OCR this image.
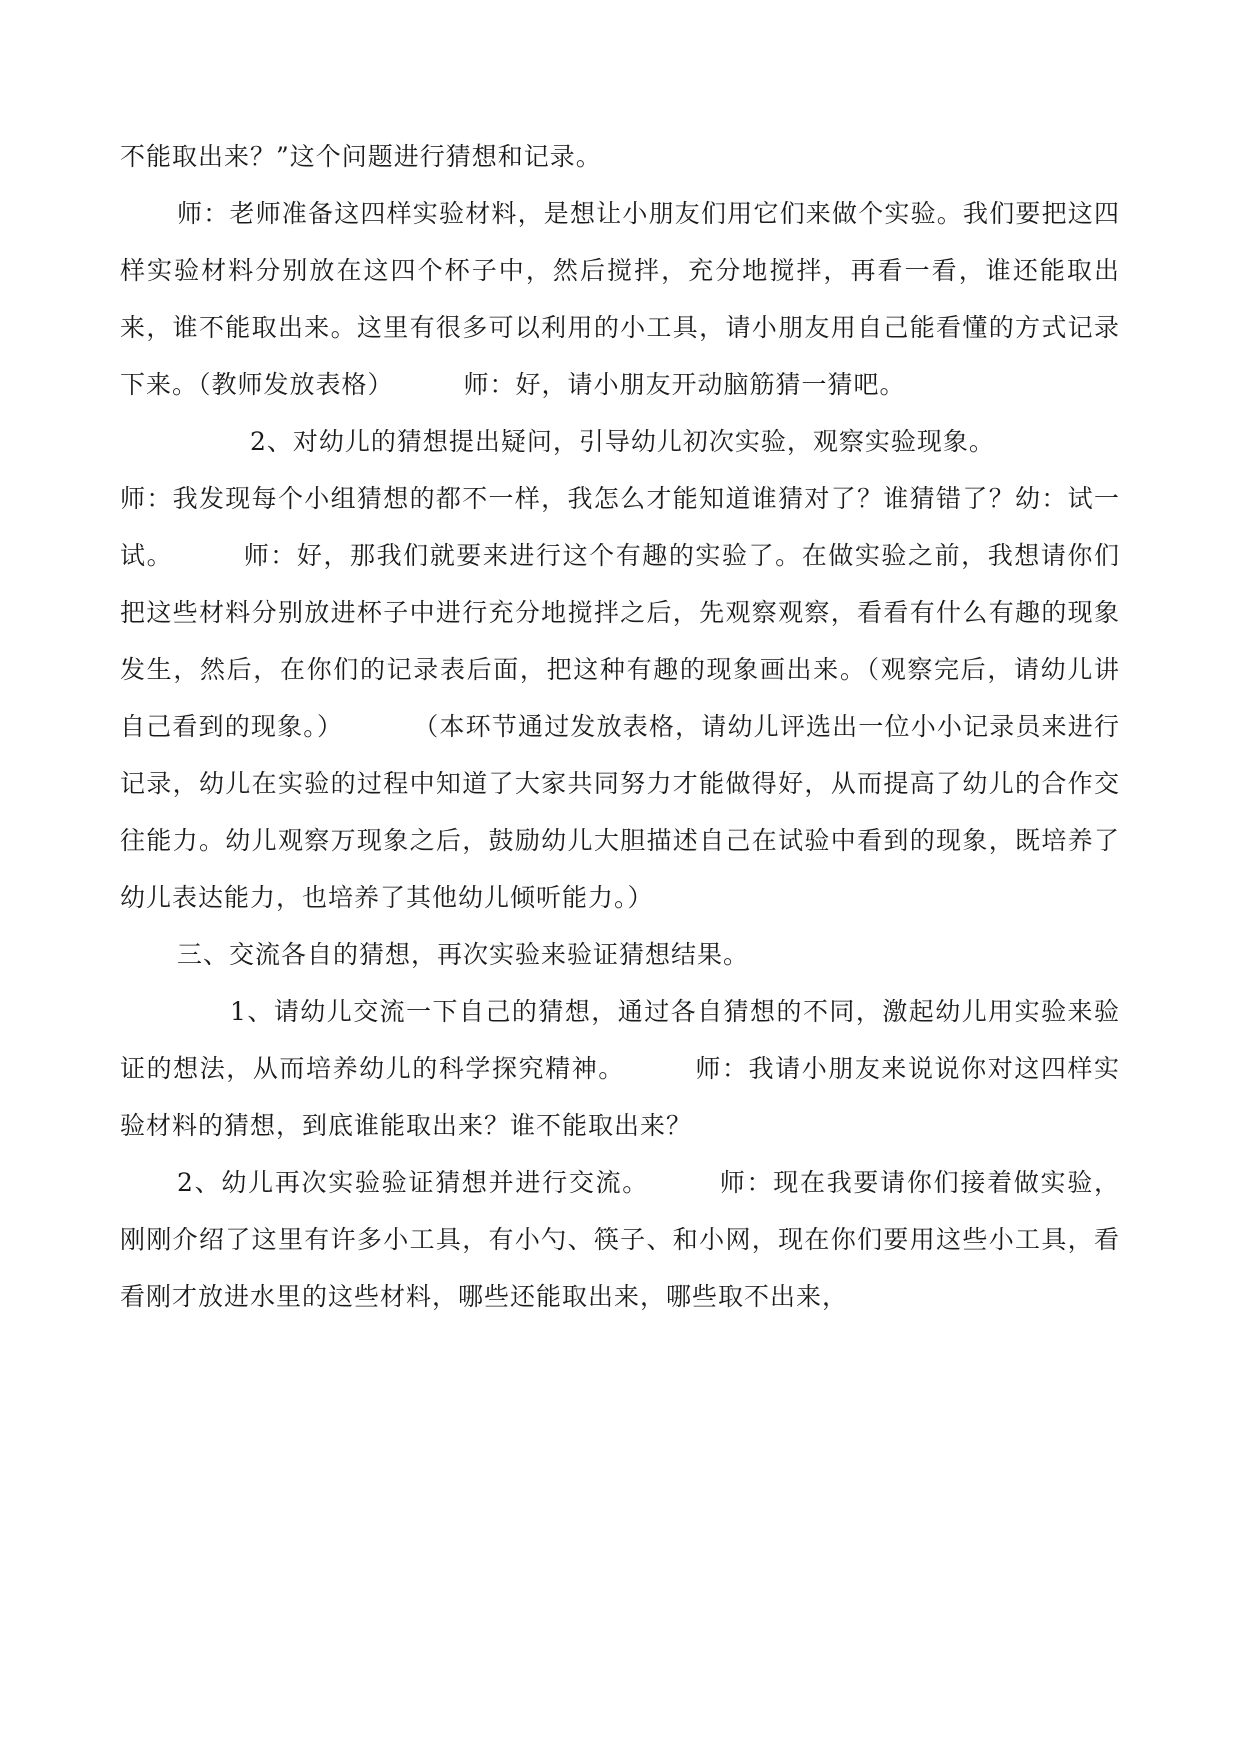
不能取出来？”这个问题进行猜想和记录。

师：老师准备这四样实验材料，是想让小朋友们用它们来做个实验。我们要把这四样实验材料分别放在这四个杯子中，然后搅拌，充分地搅拌，再看一看，谁还能取出来，谁不能取出来。这里有很多可以利用的小工具，请小朋友用自己能看懂的方式记录下来。（教师发放表格）	师：好，请小朋友开动脑筋猜一猜吧。

2、对幼儿的猜想提出疑问，引导幼儿初次实验，观察实验现象。

师：我发现每个小组猜想的都不一样，我怎么才能知道谁猜对了？谁猜错了？幼：试一试。	师：好，那我们就要来进行这个有趣的实验了。在做实验之前，我想请你们把这些材料分别放进杯子中进行充分地搅拌之后，先观察观察，看看有什么有趣的现象发生，然后，在你们的记录表后面，把这种有趣的现象画出来。（观察完后，请幼儿讲自己看到的现象。）	（本环节通过发放表格，请幼儿评选出一位小小记录员来进行记录，幼儿在实验的过程中知道了大家共同努力才能做得好，从而提高了幼儿的合作交往能力。幼儿观察万现象之后，鼓励幼儿大胆描述自己在试验中看到的现象，既培养了幼儿表达能力，也培养了其他幼儿倾听能力。）

三、交流各自的猜想，再次实验来验证猜想结果。

1、请幼儿交流一下自己的猜想，通过各自猜想的不同，激起幼儿用实验来验证的想法，从而培养幼儿的科学探究精神。	师：我请小朋友来说说你对这四样实验材料的猜想，到底谁能取出来？谁不能取出来？

2、幼儿再次实验验证猜想并进行交流。	师：现在我要请你们接着做实验，刚刚介绍了这里有许多小工具，有小勺、筷子、和小网，现在你们要用这些小工具，看看刚才放进水里的这些材料，哪些还能取出来，哪些取不出来，
